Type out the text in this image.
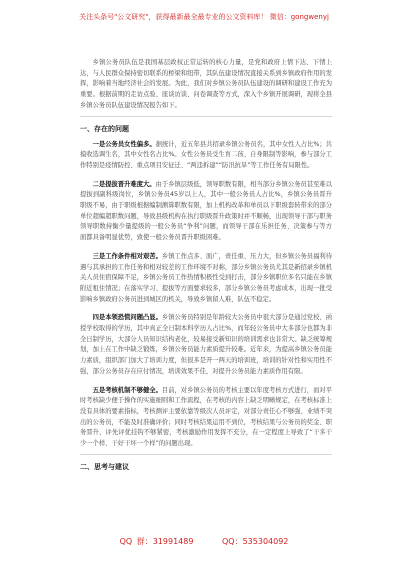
关注头条号"公文研究"，获得最新最全最专业的公文资料库！ 微信：gongwenyj

乡镇公务员队伍是我国基层政权正常运转的核心力量，是党和政府上情下达、下情上达，与人民群众保持密切联系的桥梁和纽带，其队伍建设情况直接关系到乡镇政府作用的发挥，影响着当地经济社会的发展。为此，我们对乡镇公务员队伍建设的调研和建设工作充为重要。根据前期的走访点验、座谈访谈、问卷调查等方式，深入个乡镇开展调研，现将全县乡镇公务员队伍建设情况报告如下。

一、存在的问题

一是公务员女性偏多。据统计，近五年县共招录乡镇公务员名，其中女性人占比%；共摸收选调生名，其中女性名占比%。女性公务员受生育二孩、自身限制等影响，参与部分工作特别是疫情防控、重点项目安征迁、“两违拆建”“防汛抗旱”等工作任务有局限性。

二是提拔晋升难度大。由于乡镇层级低，领导职数有限，相当部分乡镇公务员甚至难以提拔到副科级岗位，乡镇公务员45岁以上人，其中一般公务员人占比%，乡镇公务员晋升职级不易，由于职级根据编制测算职数有限，加上机构改革和单员以下职级套转带来的部分单位超编超职数问题，导致县级机构在执行职级晋升政策时并不顺畅，出现领导干部与职务领导职数持衡少量提级的一般公务员“争利”问题，而领导干部在乐担任务、决策参与等方面都具备明显优势，致使一般公务员晋升职级困难。

三是工作条件相对艰苦。乡镇工作点多、面广，责任重、压力大，但乡镇公务员福利待遇与其承担的工作任务和相对较差的工作环境不对称，部分乡镇公务员尤其是新招录乡镇机关人员住宿保障不足，乡镇公务员工作热情积极性受到打击，部分乡镇职位多名只能在乡镇附近租住情况；在落实学习、提拔等方面要求较多，部分乡镇公务员考虑成本，出现一批受影响乡镇政府公务员进到城区的机关，导致乡镇留人难、队伍不稳定。

四是本领恐慌问题凸显。乡镇公务员特别是年龄较大公务员中很大部分是通过党校、函授学校取得的学历，其中真正全日制本科学历人占比%，而年轻公务员中大多部分也都为非全日制学历，大部分人员知识结构老化，较易接受新知识的培训需求也非常大。缺乏统筹规划，加上在工作中缺乏锻炼，乡镇公务员能力素质提升较难。近年来，为提高乡镇公务员能力素质，组织部门加大了培训力度，但很多是开一两天的培训班，培训的针对性和实用性不强，部分公务员存在应付情况，培训效果不佳，对提升公务员能力素质作用有限。

五是考核机制不够健全。目前，对乡镇公务员的考核主要以年度考核方式进行，而对平时考核缺少便于操作的实施细则和工作流程，在考核的内容上缺乏明晰规定，在考核标准上没有具体的要素指标，考核测评主要依靠等级次人员评定，对部分责任心不够强、业绩不突出的公务员，不能及时准确评价；同时考核结果运用不到位，考核结果与公务员的奖金、职务晋升、评先评优挂钩不够紧密，考核激励作用发挥不充分，在一定程度上导致了“干多干少一个样、干好干坏一个样”的问题出现。

二、思考与建议

QQ 群：31991489	QQ：535304092
